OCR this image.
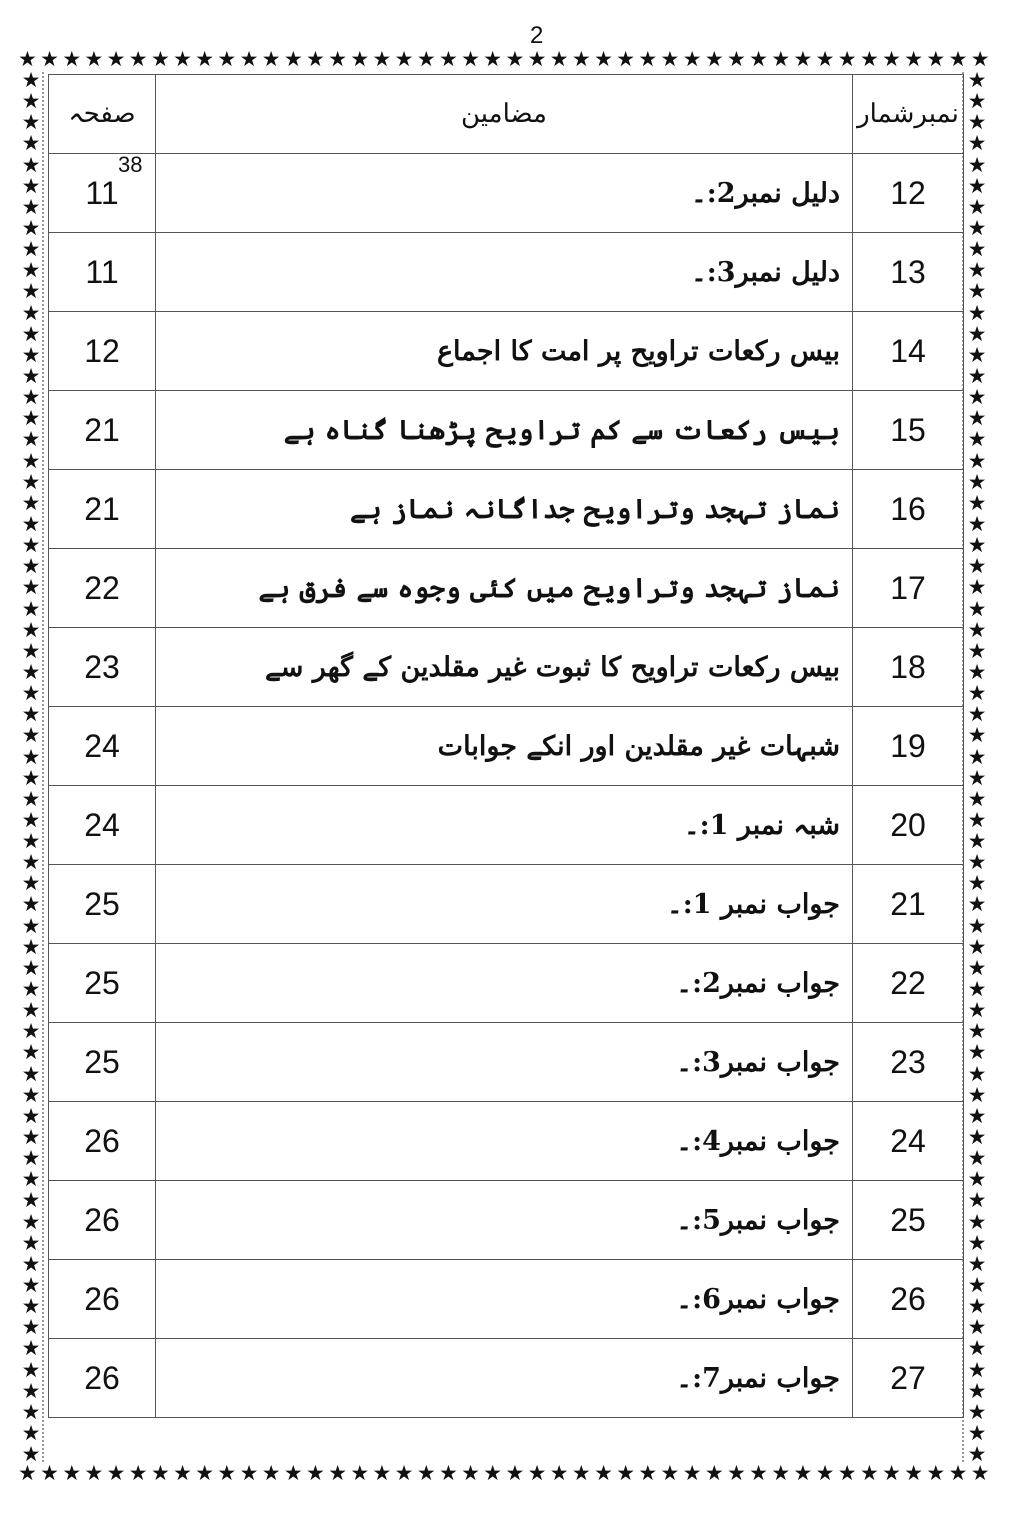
2
★ ★ ★ ★ ★ ★ ★ ★ ★ ★ ★ ★ ★ ★ ★ ★ ★ ★ ★ ★ ★ ★ ★ ★ ★ ★ ★ ★ ★ ★ ★ ★ ★ ★ ★ ★ ★ ★ ★ ★ ★ ★ ★ ★
★ ★ ★ ★ ★ ★ ★ ★ ★ ★ ★ ★ ★ ★ ★ ★ ★ ★ ★ ★ ★ ★ ★ ★ ★ ★ ★ ★ ★ ★ ★ ★ ★ ★ ★ ★ ★ ★ ★ ★ ★ ★ ★ ★
★
★
★
★
★
★
★
★
★
★
★
★
★
★
★
★
★
★
★
★
★
★
★
★
★
★
★
★
★
★
★
★
★
★
★
★
★
★
★
★
★
★
★
★
★
★
★
★
★
★
★
★
★
★
★
★
★
★
★
★
★
★
★
★
★
★
★
★
★
★
★
★
★
★
★
★
★
★
★
★
★
★
★
★
★
★
★
★
★
★
★
★
★
★
★
★
★
★
★
★
★
★
★
★
★
★
★
★
★
★
★
★
★
★
★
★
★
★
★
★
★
★
★
★
★
★
★
★
★
★
★
★
نمبرشمار	مضامین	صفحہ
12	دلیل نمبر2:۔	11
13	دلیل نمبر3:۔	11
14	بیس رکعات تراویح پر امت کا اجماع	12
15	بیس رکعات سے کم تراویح پڑھنا گناہ ہے	21
16	نماز تہجد وتراویح جداگانہ نماز ہے	21
17	نماز تہجد وتراویح میں کئی وجوہ سے فرق ہے	22
18	بیس رکعات تراویح کا ثبوت غیر مقلدین کے گھر سے	23
19	شبہات غیر مقلدین اور انکے جوابات	24
20	شبہ نمبر 1:۔	24
21	جواب نمبر 1:۔	25
22	جواب نمبر2:۔	25
23	جواب نمبر3:۔	25
24	جواب نمبر4:۔	26
25	جواب نمبر5:۔	26
26	جواب نمبر6:۔	26
27	جواب نمبر7:۔	26
38
